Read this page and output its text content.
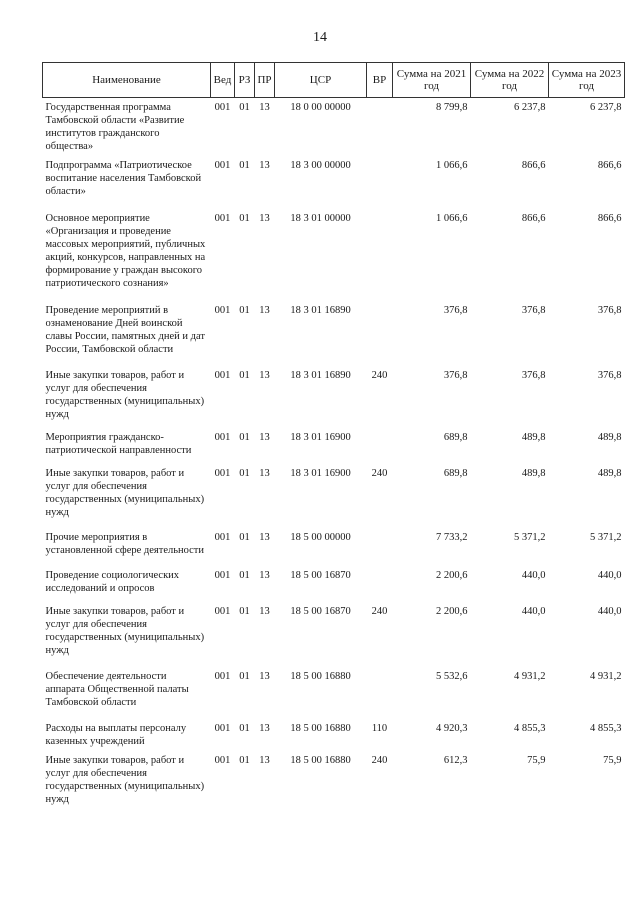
14
Наименование	Вед	РЗ	ПР	ЦСР	ВР	Сумма на 2021 год	Сумма на 2022 год	Сумма на 2023 год
Государственная программа Тамбовской области «Развитие институтов гражданского общества»	001	01	13	18 0 00 00000		8 799,8	6 237,8	6 237,8
Подпрограмма «Патриотическое воспитание населения Тамбовской области»	001	01	13	18 3 00 00000		1 066,6	866,6	866,6
Основное мероприятие «Организация и проведение массовых мероприятий, публичных акций, конкурсов, направленных на формирование у граждан высокого патриотического сознания»	001	01	13	18 3 01 00000		1 066,6	866,6	866,6
Проведение мероприятий в ознаменование Дней воинской славы России, памятных дней и дат России, Тамбовской области	001	01	13	18 3 01 16890		376,8	376,8	376,8
Иные закупки товаров, работ и услуг для обеспечения государственных (муниципальных) нужд	001	01	13	18 3 01 16890	240	376,8	376,8	376,8
Мероприятия гражданско-патриотической направленности	001	01	13	18 3 01 16900		689,8	489,8	489,8
Иные закупки товаров, работ и услуг для обеспечения государственных (муниципальных) нужд	001	01	13	18 3 01 16900	240	689,8	489,8	489,8
Прочие мероприятия в установленной сфере деятельности	001	01	13	18 5 00 00000		7 733,2	5 371,2	5 371,2
Проведение социологических исследований и опросов	001	01	13	18 5 00 16870		2 200,6	440,0	440,0
Иные закупки товаров, работ и услуг для обеспечения государственных (муниципальных) нужд	001	01	13	18 5 00 16870	240	2 200,6	440,0	440,0
Обеспечение деятельности аппарата Общественной палаты Тамбовской области	001	01	13	18 5 00 16880		5 532,6	4 931,2	4 931,2
Расходы на выплаты персоналу казенных учреждений	001	01	13	18 5 00 16880	110	4 920,3	4 855,3	4 855,3
Иные закупки товаров, работ и услуг для обеспечения государственных (муниципальных) нужд	001	01	13	18 5 00 16880	240	612,3	75,9	75,9
